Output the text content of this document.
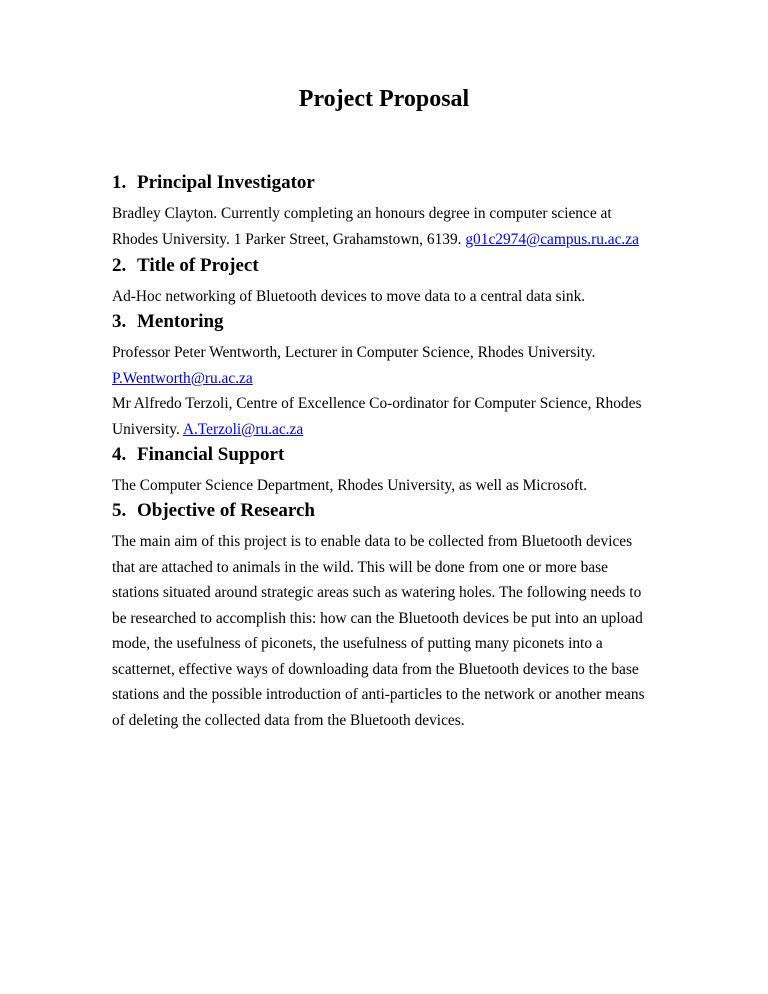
Project Proposal
1. Principal Investigator

Bradley Clayton. Currently completing an honours degree in computer science at

Rhodes University. 1 Parker Street, Grahamstown, 6139. g01c2974@campus.ru.ac.za

2. Title of Project

Ad-Hoc networking of Bluetooth devices to move data to a central data sink.

3. Mentoring

Professor Peter Wentworth, Lecturer in Computer Science, Rhodes University.

P.Wentworth@ru.ac.za

Mr Alfredo Terzoli, Centre of Excellence Co-ordinator for Computer Science, Rhodes

University. A.Terzoli@ru.ac.za

4. Financial Support

The Computer Science Department, Rhodes University, as well as Microsoft.

5. Objective of Research

The main aim of this project is to enable data to be collected from Bluetooth devices

that are attached to animals in the wild. This will be done from one or more base

stations situated around strategic areas such as watering holes. The following needs to

be researched to accomplish this: how can the Bluetooth devices be put into an upload

mode, the usefulness of piconets, the usefulness of putting many piconets into a

scatternet, effective ways of downloading data from the Bluetooth devices to the base

stations and the possible introduction of anti-particles to the network or another means

of deleting the collected data from the Bluetooth devices.
